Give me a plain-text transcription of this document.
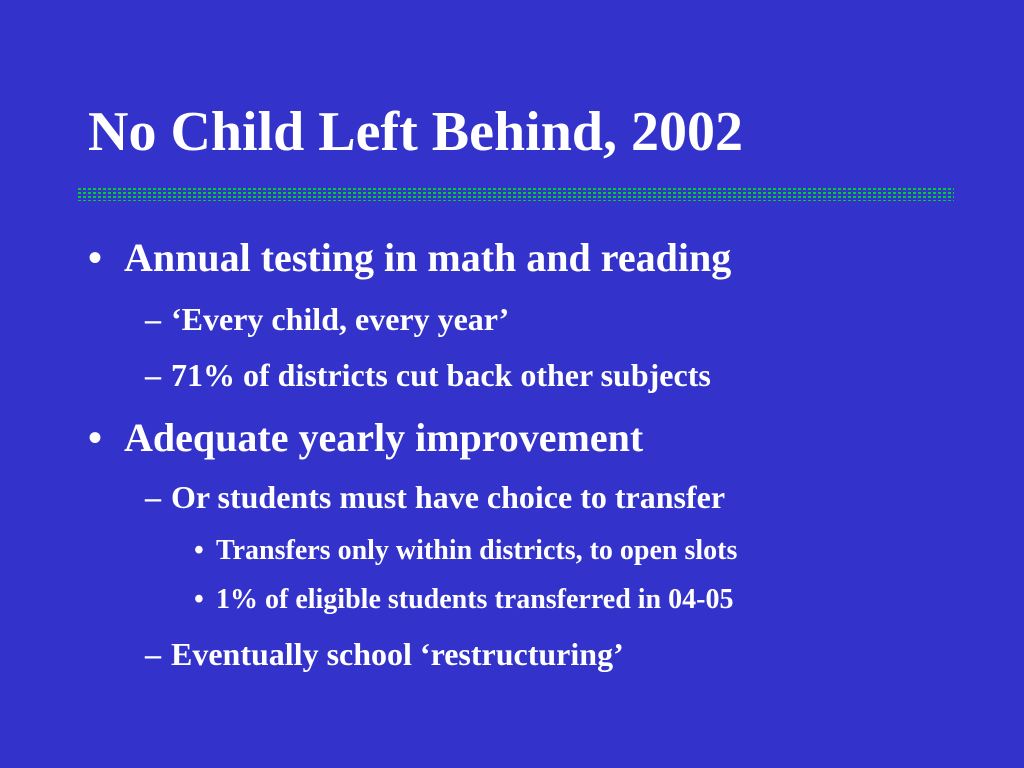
No Child Left Behind, 2002
• Annual testing in math and reading
– ‘Every child, every year’
– 71% of districts cut back other subjects
• Adequate yearly improvement
– Or students must have choice to transfer
• Transfers only within districts, to open slots
• 1% of eligible students transferred in 04-05
– Eventually school ‘restructuring’
